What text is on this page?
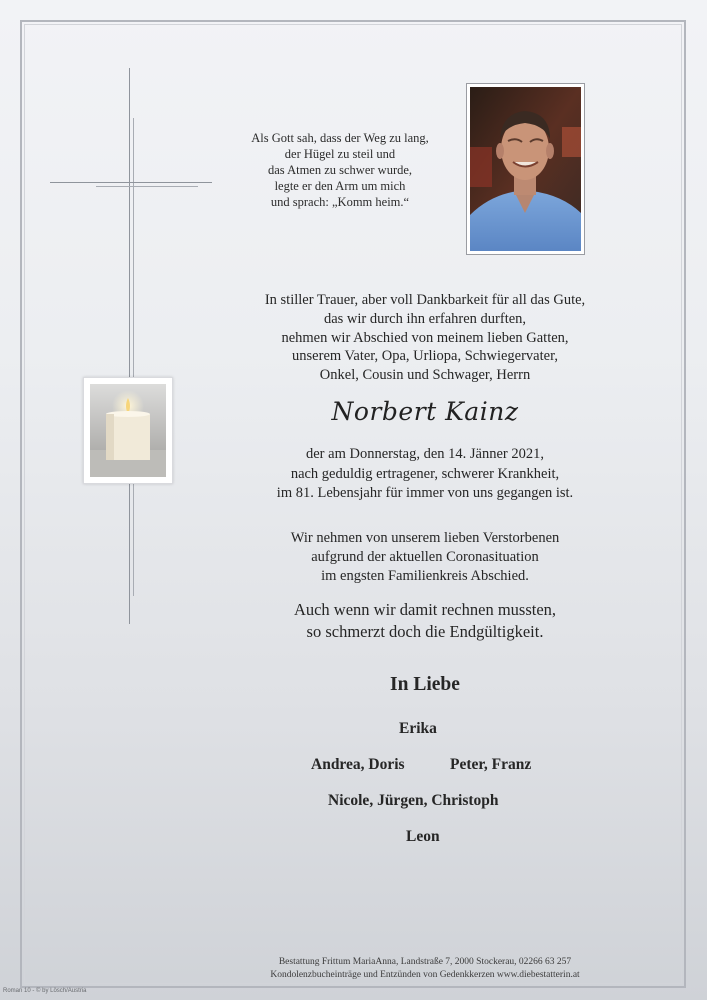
Als Gott sah, dass der Weg zu lang,
der Hügel zu steil und
das Atmen zu schwer wurde,
legte er den Arm um mich
und sprach: „Komm heim.“
In stiller Trauer, aber voll Dankbarkeit für all das Gute,
das wir durch ihn erfahren durften,
nehmen wir Abschied von meinem lieben Gatten,
unserem Vater, Opa, Urliopa, Schwiegervater,
Onkel, Cousin und Schwager, Herrn
Norbert Kainz
der am Donnerstag, den 14. Jänner 2021,
nach geduldig ertragener, schwerer Krankheit,
im 81. Lebensjahr für immer von uns gegangen ist.
Wir nehmen von unserem lieben Verstorbenen
aufgrund der aktuellen Coronasituation
im engsten Familienkreis Abschied.
Auch wenn wir damit rechnen mussten,
so schmerzt doch die Endgültigkeit.
In Liebe
Erika
Andrea, Doris	Peter, Franz
Nicole, Jürgen, Christoph
Leon
Bestattung Frittum MariaAnna, Landstraße 7, 2000 Stockerau, 02266 63 257
Kondolenzbucheinträge und Entzünden von Gedenkkerzen www.diebestatterin.at
Roman 10 - © by Lösch/Austria
